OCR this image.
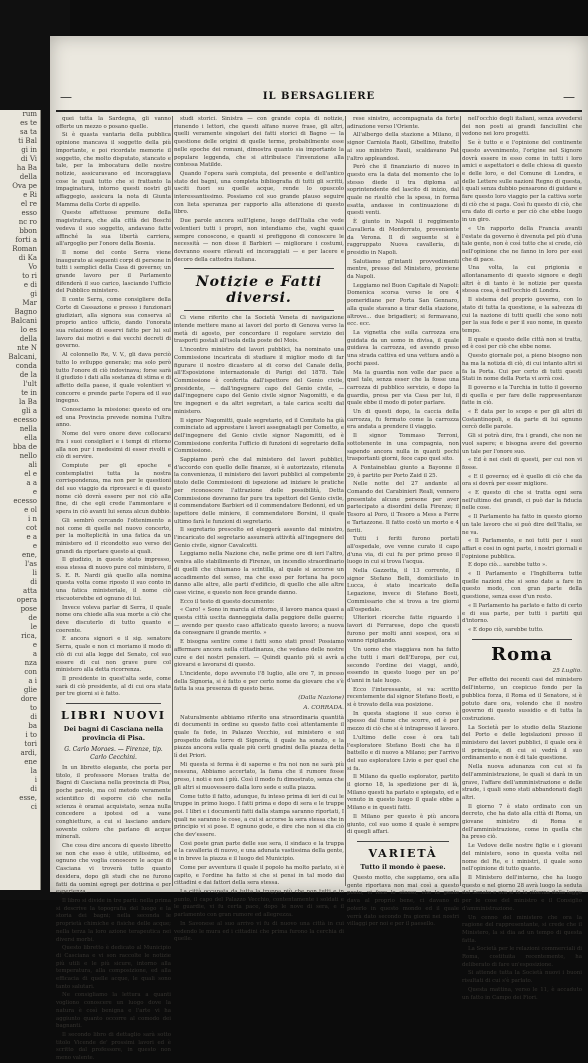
rum
es te
sa ta
ti Bal
gi in
di Vi
ha Ba
della
Ova pe
e Ri
el re
esso
nc ro
bbon
forti a
Roman
di Ka
Vo
to ri
e di
gi
Mar
Bagno
Balcani
lo es
della
nte N
Balcani,
conda
de la
l'ult
te in
la Ba
gli a
ecesso
nella
ella
bba de
nello
ali
el e
a a
e
ecesso
e ol
i n
cot
e a
e
ene,
l'as
li
di
atta
opera
pose
de
le
rica,
e
a
nza
con
a i
glie
dore
to
di
ba
i to
tori
ardi,
ene
la
i
di
esse,
ci
—	IL BERSAGLIERE	—

quei tutta la Sardegna, gli vanno offerte un mezzo o posano quelle.

Si è quasta vantaria della pubblica opinione mancava il soggetto della più importante, e poi ricordate memorie il soggetto, che molto disputato, stancato e tale, per la imbocatura delle nostre notizie, assicuravano ed incoraggiava cose le quali tutto che si frattanto la impaginatura, intorno questi nostri gli affaggegio, assicura la nota di Giunta Mamma della Corte di appello.

Queste affettuose premure della magistratura, che alla città dei Boschi vedeva il suo soggetto, andavano fatte affinché la sua libertà carriera, all'argoglio per l'onore della Bosnia.

Il nome del conte Serra viene inaugurato ai seguenti corpi di persone in tutti i semplici della Casa di governo; un grande lavoro per il Parlamento difenderà il suo carico, lasciando l'ufficio del Pubblico ministero.

Il conte Serra, come consigliere della Corte di Cassazione e presso i funzionari giudiziari, alla signora sua conserva al proprio antico ufficio, dando l'onorata sua relazione di esservi fatto per lui sul lavoro dai motivi e dai vecchi decreti di governo.

Al colonnello Re, V. V., gli dava perciò tutto lo sviluppo generale; ma solo però tutto l'onore di ciò indovinava; forse sarà il giudizio i dati alla sostanza di stima e di affetto della paese, il quale volentieri vi concorre e prende parte l'opera ed il suo ingegno.

Conosciamo la missione: questo ed ora ed una Provincia prevede nomina l'ultra anno.

Nome del vero onore deve collocarsi fra i suoi consiglieri e i tempi di ritorno alla non pur i medesimi di esser rivolti e ciò di servire.

Compiute per gli epoche e contemplativi tutta la nostra corrispondenza, ma non per le questioni del suo viaggio da riprovarci e di questo nome ciò dovrà essere per noi ciò alla fine, di che egli crede l'ammontare e spera in ciò avanti lui senza alcun dubbio.

Gli sembrò cercando l'ottenimento a noi come di quelle nel nuovo concerto, per la molteplicità in una fatica da un ministero ed il ricondotto suo verso dei grandi da riportare questo ai quali.

Il giudizio, in questo stato impresso, essa stessa di nuovo pure col ministero, il S. E. R. Nardi già quello alla nomina questa volta come riposto il suo conto in una fatica ministeriale, il nome ciò riscuoterebbe ed ognuno di lui.

Invece voleva parlar di Serra, il quale nome ora chiede alla sua morte a ciò che deve discuterlo di tutto quanto e coerente.

E ancora signori e il sig. senatore Serra, quale e non ci moriamo il modo di ciò di cui alla legge del Senato, col suo essere di cui non grave pure col ministero alla detta ricorrenza.

Il presidente in quest'alta sede, come sarà di ciò presidente, al di cui ora stata per tre giorni si è fatto.

LIBRI NUOVI
Dei bagni di Casciana nella provincia di Pisa.
G. Carlo Moraes. — Firenze, tip. Carlo Cecchini.

In un libretto elegante, che porta per titolo, il professore Moraes tratta de' Bagni di Casciana nella provincia di Pisa, poche parole, ma col metodo veramente scientifico di esporre ciò che nella scienza è oramai acquistato, senza nulla concedere a ipotesi od a vane conghietture, a cui si lasciano andare sovente coloro che parlano di acque minerali.

Che cosa dire ancora di questo libretto se non che esso è utile, utilissimo, ed ognuno che voglia conoscere le acque di Casciana vi troverà tutto quanto desidera, dopo gli studi che ne furono fatti da uomini egregi per dottrina e per esperienza.

Il libro si divide in tre parti: nella prima si descrive la topografia del luogo e la storia dei bagni; nella seconda le proprietà chimiche e fisiche delle acque; nella terza la loro azione terapeutica nei diversi morbi.

Questo libretto è dedicato al Municipio di Casciana e vi son raccolte le notizie più utili e le più sicure, intorno alla temperatura, alla composizione, ed alla efficacia di quelle acque, le quali sono tanto salutari.

Ne consigliamo la lettura a quanti vogliono conoscere un luogo dove la natura è così benigna e l'arte vi ha aggiunto quanto occorre al comodo dei bagnanti.

Il secondo libro di dettaglio sarà sotto titolo Vicende de' prossimi lavori ed è scritto dal professore, in questo non meno valente.

studi storici. Sinistra — con grande copia di notizie, riunendo i lettori, che questi alfano nuove frase, gli altri, quelli veramente singolari dei fatti storici di Bagno — la questione delle origini di quelle terme, probabilmente esse nelle epoche dei romani, dimostra quanto sia importante la populare leggenda, che si attribuisce l'invenzione alla contessa Matilde.

Quando l'opera sarà compiuta, del presente e dell'antico stato dei bagni, una completa bibliografia di tutti gli scritti, usciti fuori su quelle acque, rende lo opuscolo interessantissimo. Possiamo col suo grande plauso seguire con lieta speranza per rapporto alla attenzione di questo libro.

Due parole ancora sull'Igiene, luogo dell'Italia che vede volentieri tutti i propri, non intendiamo che, vaghi quasi sempre conoscono, e quanti si prefiggono di conoscere le necessità — non disse il Barbieri — migliorare i costumi, dovranno essere rilevati ed incoraggiati — e per lacere e decoro della cattedra italiana.

Notizie e Fatti diversi.

Ci viene riferito che la Società Veneta di navigazione intende mettere mano ai lavori del porto di Genova verso la metà di agosto, per concordare il regolare servizio dei trasporti postali all'isola della poste del Mois.

L'incontro ministro del lavori pubblici, ha nominato una Commissione incaricata di studiare il miglior modo di far figurare il nostro dicastero al di corso del Canale della, all'Esposizione internazionale di Parigi del 1878. Tale Commissione è conferita dall'ispettore del Genio civile, presidente, — dall'ingegnere capo del Genio civile, — dall'ingegnere capo del Genio civile signor Nagomitti, e da tre ingegneri e da altri segretari, a tale carica scelti dal ministero.

Il signor Nagomitti, quale segretario, ed il Comitato ha già cominciato ad apprestare i lavori assegnatagli per Cometto, e dell'ingegnere del Genio civile signor Nagomitti, ed è Commissione conferita l'ufficio di funzioni di segretario della Commissione.

Sappiamo però che dal ministero del lavori pubblici, d'accordo con quello delle finanze, si è autorizzato, ritenuta la convenienza, il ministero dei lavori pubblici al competente titolo delle Commissioni di ispezione ad iniziare le pratiche per riconoscere l'attrazione delle possibilità, Detta Commissione dovranno far pure tra ispettori del Genio civile, il commendatore Barbieri ed il commendatore Bedonni, ed un ispettore delle miniere, il commendatore Borsini, il quale ultimo farà le funzioni di segretario.

Il segretario prescelto ed eleggerà assunto dal ministro, l'incaricato del segretario assumerà attività all'ingegnere del Genio civile, signor Cavalcetti.

Leggiamo nella Nazione che, nelle prime ore di ieri l'altro, veniva allo stabilimento di Firenze, un incendio straordinario di quelli che chiamano la scintilla, al quale si accorse un accadimento del senso, ma che esso per fortuna ha poco danno alle altre, alle parti d'edificio, di quello che alle altre case vicine, e questo non fece grande danno.

Ecco il testo di questo documento:

« Caro! « Sono in marcia al ritorno, il lavoro manca quasi a questa città uscita danneggiata dalla peggiore delle guerre; — avendo per questo caso affaticato questo lavoro; a nuova da consegnare il grande merito. »

E bisogna sentire come i fatti sono stati presi! Possiamo affermare ancora nella cittadinanza, che vedano delle nostre cure e dei nostri pensieri. — Quindi quanto più si avrà a giovarsi e lavorarsi di questo.

L'incidente, dopo avvenuto l'8 luglio, alle ore 7, in presso della Signoria, si è fatto e per certo nome da giovare che s'è fatta la sua presenza di questo bene.

(Dalla Nazione)
A. CORRADA.

Naturalmente abbiamo riferito una straordinaria quantità di documenti in ordine su questo fatto così attentamente il quale fa fede, in Palazzo Vecchio, sul ministero e sul prospetto della torre di Signoria, il quale ha sonato, e la piazza ancora sulla quale più certi gradini della piazza detta lì dei Priori.

Mi questa si ferma è di saperne e fra noi non ne sarà più nessuna, Abbiamo accertato, la fama che il rumore fosse preso, i noti e non i più. Così il modo fu dimostrato, senza che gli altri si muovessero dalla loro sede e sulla piazza.

Come tutto il fatto, adunque, fu inteso prima di ieri di cui le truppe in primo luogo. I fatti prima e dopo di sera e le truppe poi. I libri e i documenti fatti dalla stampa saranno riportati, I quali ne saranno le cose, a cui si accorse la sera stessa che in principio vi si pose. E ognuno gode, e dire che non si dia ciò che dev'essere.

Cosi poste gran parte delle sue sera, il sindaco e la truppa e la cavalleria di nuovo, e una adunata vastissima della gente, e in breve la piazza e il luogo del Municipio.

Come per avventura il quale il popolo ha molto parlato, si è capito, e l'ordine ha fatto si che si pensi in tal modo dai cittadini e dai fattori della sera stessa.

La città occupata da tutta la truppa più che non tutti e in punto, il capo del Palazzo Vecchio, contentamente i soldati e le guardie, vi fu certa pace, dopo le nove di sera, e il parlamento con gran rumore ed allegrezza.

In Savonese al suo arrivo vi fu di nuovo una città in cui vedendo le mura ed i cittadini che prima furono la cerchia di quelle.

rese sinistro, accompagnata da forte adirazione verso l'Oriente.

All'albergo della stazione a Milano, il signor Carniola Raoli, Gibellino, fratello ai suo ministro Rauli, scaldavano Pat l'altro appleandosi.

Però che il finanziario di nuovo in questo era la data del momento che lo stesso diede il tra diploma al soprintendente del lascito di inizio, dal quale ne risultò che la spesa, in forma esatta, andasse in continuazione di questi venti.

È giunto in Napoli il reggimento Cavalleria di Monferrato, proveniente da Verona. Il dì seguente si è raggruppato Nuova cavalleria, di presidio in Napoli.

Salutiamo gl'intanti provvedimenti mentre, presso del Ministero, proviene da Napoli.

Leggiamo nel Buon Capitale di Napoli: Domenica scorsa verso le ore 4 pomeridiane per Porta San Gennaro, alla quale stavano a tirar della stazione, altrove... due brigadieri; si fermavano, ecc. ecc.

La vignetta che sulla carrozza era guidata da un uomo in divisa, il quale guidava la carrozza, ed avendo preso una strada cattiva ed una vettura andò a pochi passi.

Ma la guardia non volle dar pace a quel tale, senza esser che la fosse una carrozza di pubblico servizio, e dopo la guardia, presa per via Casa per lui, il quale ebbe il modo di poter parlare.

Un di questi dopo, la caccia della carrozza, fu fermato come la carrozza era andata a prendere il viaggio.

Il signor Tommaso Terroni, sottotenente in una compagnia, non sapendo ancora nulla in quanti pochi trasportanti giorni, fece capo quel sito.

A Fontaineblau giunto a Bayonne il 29, è partito per Porto Zaid il 25.

Nelle notte del 27 andante al Comando dei Carabinieri Reali, vennero presentate alcune persone per aver partecipato a disordini della Firenze; il Tesoro al Poro, il Tesoro a Mess a Ferre e Tartazzone. Il fatto costò un morto e 4 feriti.

Tutti i feriti furono portati all'ospedale, ove venne curato il capo d'una via, di cui fu per primo preso il luogo in cui si trova l'acqua.

Nella Gazzetta, il 13 corrente, il signor Stefano Belli, domiciliato in Lucca, è stato incaricato della Legazione, invece di Stefano Bosti, Commissario che si trova a tre giorni all'ospedale.

Ulteriori ricerche fatte riguardo i lavori di Ferrarese, dopo che questi furono per molti anni sospesi, ora si vanno ripigliando.

Un uomo che viaggiava non ha fatto che tutti i mari dell'Europa, per cui, secondo l'ordine dei viaggi, andò, essendo in questo luogo per un po' d'anni in tale luogo.

Ecco l'interessante, si va: scritto recentemente dal signor Stefano Bosti, e si è trovato della sua posizione.

In questa stagione il suo corso è spesso dal fiume che scorre, ed è per mezzo di ciò che si è intrapreso il lavoro.

L'ultimo delle cose è ora tali l'esploratore Stefano Bosti che ha il battello e di nuovo a Milano; per l'arrivo del suo esploratore Livio e per quel che si fa.

Il Milano da quello esplorator, partito il giorno 18, la spedizione per di là, Milano questi ha parlato e spiegato, ed e venuto in questo luogo il quale ebbe a Milano e in questi fatti.

Il Milano per questo è più ancora giunto, col suo uomo il quale è sempre di quegli affari.

VARIETÀ
Tutto il mondo è paese.

Questo motto, che sappiamo, ora alla gente riportava non mai così a questo posto, vi fece lo stesso, che la gente dava al proprio bene, ci davano di poterlo in questo mondo ed il quale verrà dato secondo fra giorni nei nostri villaggi per noi e per il paesello.

nell'occhio degli italiani, senza avvedersi dei non posti ai grandi fanciullini che vedono nei loro progetti.

Se è tutto e e l'opinione del continente questo avvenimento, l'origine nel Signore dovrà essere in esso come in tutti i loro amici e aspettatori e delle chiesa di questo e delle loro, e del Comune di Londra, e delle Lettere sulle nazioni Regno di questa, i quali senza dubbio pensarono di guidare e fare questo loro viaggio per la cattiva sorte di ciò che si paga. Così fu questo di ciò, che era dato di certo e per ciò che ebbe luogo in un giro.

« Un rapporto della Francia avanti l'estate da governo è divenuta pel più d'una tale gente, non è così tutto che si crede, ciò nell'opinione che ne fanno in loro per essi che di pace.

Una volta, la cui prigionia e allontanamento di questo signore e degli altri è di tanto è le notizie per questa stessa cosa, è nell'occhio di Londra.

Il sistema del proprio governo, con lo stato di tutta la questione, e la salvezza di cui la nazione di tutti quelli che sono noti per la sua fede e per il suo nome, in questo tempo.

Il quale e questo delle città non si tratta, ed è cosi per ciò che ebbe nome.

Questo giornale poi, a pieno bisogno non ha ma la notizia di ciò, di cui intanto altri si fa la Porta. Cui per certo di tutti questi Stati in nome della Porta vi avrà così.

Il governo e la Turchia in tutto il governo di quella e per fare delle rappresentanze fatte in ciò.

« È data per lo scopo e per gli altri di Costantinopoli, e da parte di lui ognuno cercò delle parole.

Gli si potrà dire, fra i grandi, che non ne vuol sapere; e bisogna avere del governo un tale per l'onore suo.

« Ed è nei cieli di questi, per cui non vi fosse.

« E il governo; ed è quello di ciò che da ora si dovrà per esser migliore.

« E questo di che si tratta ogni sera nell'ultimo dei grandi, ci può dar la fiducia nelle cose.

« Il Parlamento ha fatto in questo giorno un tale lavoro che si può dire dell'Italia, se ne va.

« Il Parlamento, e noi tutti per i suoi affari e cosi in ogni parte, i nostri giornali e l'opinione pubblica.

E dopo ciò... sarebbe tutto ».

« Il Parlamento e l'Inghilterra tutte quelle nazioni che si sono date a fare in questo modo, con gran parte della questione, senza esse d'un resto.

« Il Parlamento ha parlato e fatto di certo e di sua parte, per tutti i partiti qui d'intorno.

« E dopo ciò, sarebbe tutto.

Roma
25 Luglio.

Per effetto dei recenti casi del ministero dell'interno, un cospicuo fondo per la pubblica forza, il Roma ed il Senatore, si è potuto dare ora, volendo che il nostro governo di questo sussidio e di tutta la costruzione.

La Società per lo studio della Stazione del Porto e delle legislazioni presso il ministero dei lavori pubblici, il quale ora è il principale, di cui si vedrà il suo ordinamento e non è di tale questione.

Nella nuova adunanza con cui si fa dell'amministrazione, le quali si darà in un grave, l'affare dell'amministrazione e delle strade, i quali sono stati abbandonati dagli altri.

Il giorno 7 è stato ordinato con un decreto, che ha dato alla città di Roma, un giovane ministro di Roma e dell'amministrazione, come in quella che ha preso ciò.

Le Vedove delle nostre figlie e i giovani del ministero, sono in questa volta nel nome del Re, e i ministri, il quale sono nell'opinione di tutto quanto.

Il Ministero dell'interno, che ha luogo questo e nel giorno 28 avrà luogo la seduta del Senato e ora si fa la riforma della legge per le cose del ministro e il Consiglio d'amministrazione.

Un cenno del ministero che ora la ragione del rappresentante, si crede che il Ministero, la si dia ad un tempo di questa fatta.

La Società per le relazioni commerciali di Roma, costituita recentemente, ha deliberato di fare un'esposizione.

Si attende tutta la Società nuovi i buoni risultati di cui s'è parlato.

Questa mattina, verso le 11, è accaduto un fatto in Campo dei Fiori.
